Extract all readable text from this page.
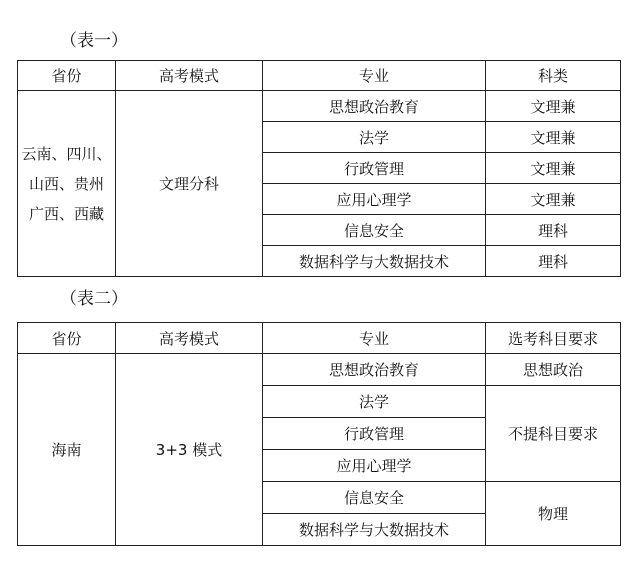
（表一）
省份	高考模式	专业	科类

云南、四川、
山西、贵州
广西、西藏	文理分科	思想政治教育	文理兼
		法学	文理兼
		行政管理	文理兼
		应用心理学	文理兼
		信息安全	理科
		数据科学与大数据技术	理科
（表二）
省份	高考模式	专业	选考科目要求
海南	3+3 模式	思想政治教育	思想政治
		法学	不提科目要求
		行政管理	
		应用心理学	
		信息安全	物理
		数据科学与大数据技术	
